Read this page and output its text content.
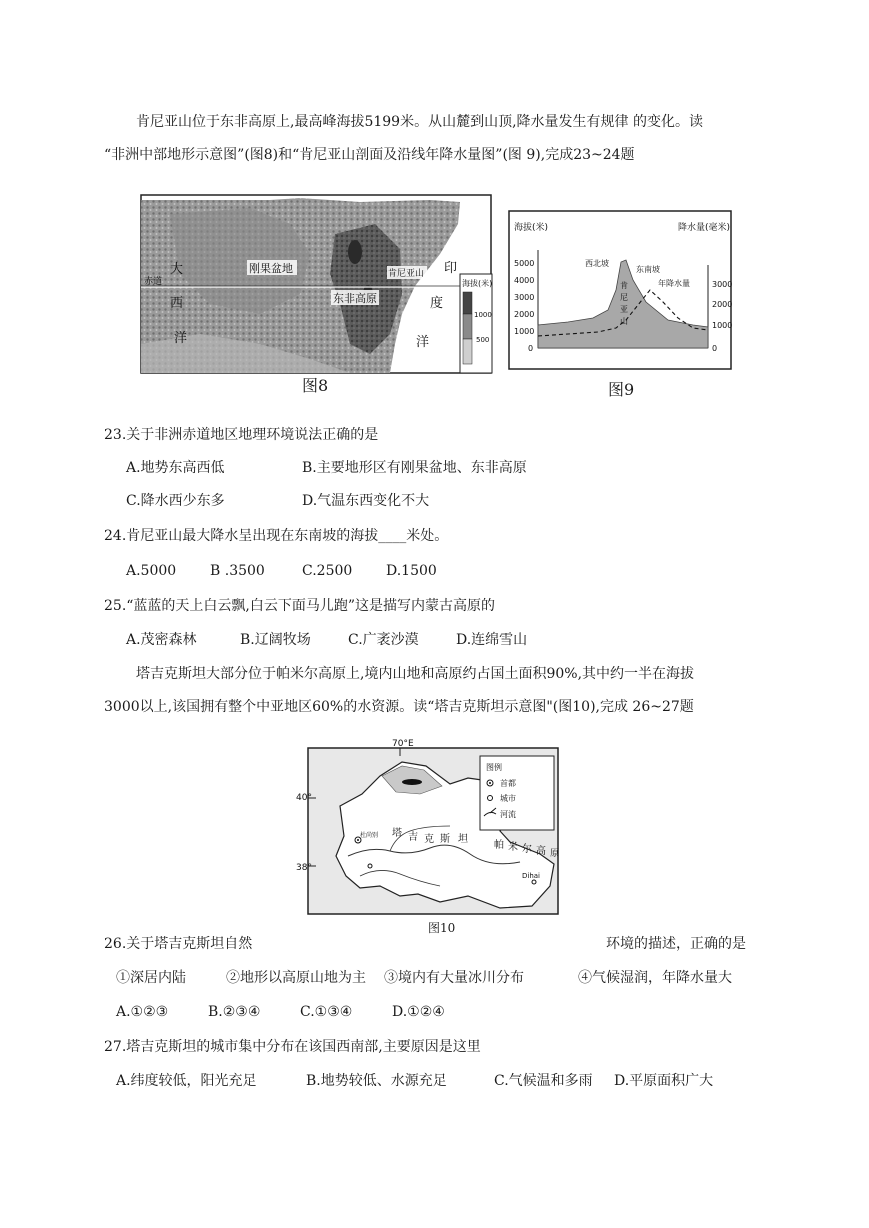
肯尼亚山位于东非高原上,最高峰海拔5199米。从山麓到山顶,降水量发生有规律 的变化。读
“非洲中部地形示意图”(图8)和“肯尼亚山剖面及沿线年降水量图”(图 9),完成23~24题
大
西
洋
赤道
刚果盆地
东非高原
肯尼亚山 印
度
洋
海拔(米)
1000
500
图8
海拔(米)	降水量(毫米)
5000
4000
3000
2000
1000
0
3000
2000
1000
0
西北坡
东南坡
年降水量
肯
尼
亚
山
图9
23.关于非洲赤道地区地理环境说法正确的是
A.地势东高西低	B.主要地形区有刚果盆地、东非高原
C.降水西少东多	D.气温东西变化不大
24.肯尼亚山最大降水呈出现在东南坡的海拔____米处。
A.5000 B .3500	C.2500 D.1500
25.“蓝蓝的天上白云飘,白云下面马儿跑”这是描写内蒙古高原的
A.茂密森林	B.辽阔牧场	C.广袤沙漠	D.连绵雪山
塔吉克斯坦大部分位于帕米尔高原上,境内山地和高原约占国土面积90%,其中约一半在海拔
3000以上,该国拥有整个中亚地区60%的水资源。读“塔吉克斯坦示意图"(图10),完成 26~27题
70°E
40°
38°
杜尚别
Dihai
塔 吉 克 斯 坦
帕 米 尔 高 原
图例
首都
城市
河流
图10
26.关于塔吉克斯坦自然	环境的描述，正确的是
①深居内陆	②地形以高原山地为主 ③境内有大量冰川分布	④气候湿润，年降水量大
A.①②③	B.②③④	C.①③④	D.①②④
27.塔吉克斯坦的城市集中分布在该国西南部,主要原因是这里
A.纬度较低，阳光充足	B.地势较低、水源充足	C.气候温和多雨 D.平原面积广大
